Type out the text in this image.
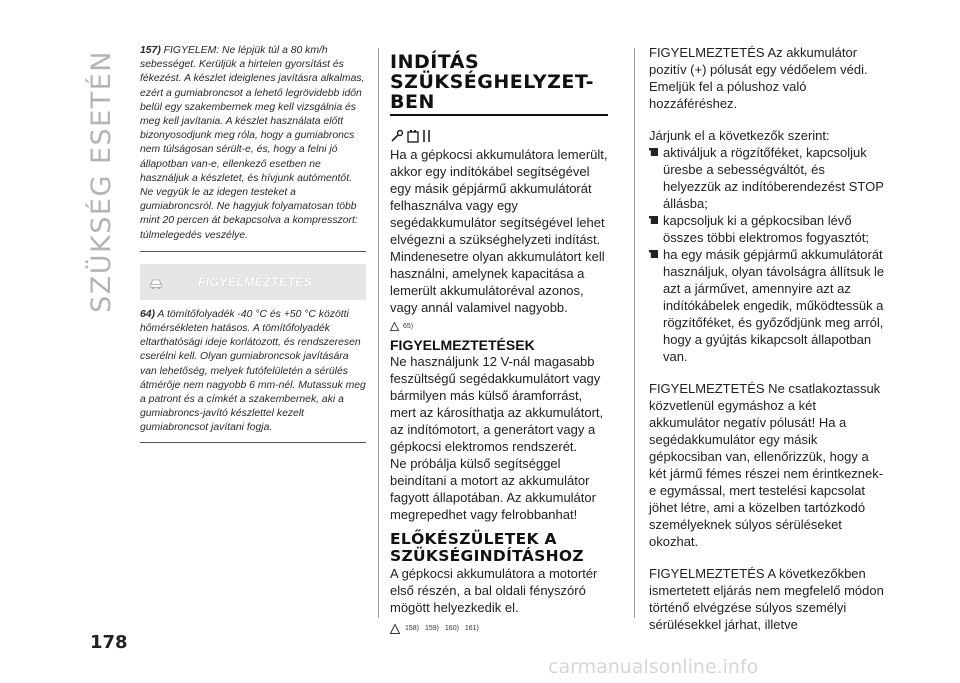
SZÜKSÉG ESETÉN 157) FIGYELEM: Ne lépjük túl a 80 km/h sebességet. Kerüljük a hirtelen gyorsítást és fékezést. A készlet ideiglenes javításra alkalmas, ezért a gumiabroncsot a lehető legrövidebb időn belül egy szakembernek meg kell vizsgálnia és meg kell javítania. A készlet használata előtt bizonyosodjunk meg róla, hogy a gumiabroncs nem túlságosan sérült-e, és, hogy a felni jó állapotban van-e, ellenkező esetben ne használjuk a készletet, és hívjunk autómentőt. Ne vegyük le az idegen testeket a gumiabroncsról. Ne hagyjuk folyamatosan több mint 20 percen át bekapcsolva a kompresszort: túlmelegedés veszélye.
FIGYELMEZTETÉS
64) A tömítőfolyadék -40 °C és +50 °C közötti hőmérsékleten hatásos. A tömítőfolyadék eltarthatósági ideje korlátozott, és rendszeresen cserélni kell. Olyan gumiabroncsok javítására van lehetőség, melyek futófelületén a sérülés átmérője nem nagyobb 6 mm-nél. Mutassuk meg a patront és a címkét a szakembernek, aki a gumiabroncs-javító készlettel kezelt gumiabroncsot javítani fogja.
INDÍTÁS SZÜKSÉGHELYZET-BEN

Ha a gépkocsi akkumulátora lemerült, akkor egy indítókábel segítségével egy másik gépjármű akkumulátorát felhasználva vagy egy segédakkumulátor segítségével lehet elvégezni a szükséghelyzeti indítást. Mindenesetre olyan akkumulátort kell használni, amelynek kapacitása a lemerült akkumulátoréval azonos, vagy annál valamivel nagyobb.

65)
FIGYELMEZTETÉSEK

Ne használjunk 12 V-nál magasabb feszültségű segédakkumulátort vagy bármilyen más külső áramforrást, mert az károsíthatja az akkumulátort, az indítómotort, a generátort vagy a gépkocsi elektromos rendszerét.

Ne próbálja külső segítséggel beindítani a motort az akkumulátor fagyott állapotában. Az akkumulátor megrepedhet vagy felrobbanhat!

ELŐKÉSZÜLETEK A SZÜKSÉGINDÍTÁSHOZ

A gépkocsi akkumulátora a motortér első részén, a bal oldali fényszóró mögött helyezkedik el.

158) 159) 160) 161)

FIGYELMEZTETÉS Az akkumulátor pozitív (+) pólusát egy védőelem védi. Emeljük fel a pólushoz való hozzáféréshez.

Járjunk el a következők szerint:

aktiváljuk a rögzítőféket, kapcsoljuk üresbe a sebességváltót, és helyezzük az indítóberendezést STOP állásba;
kapcsoljuk ki a gépkocsiban lévő összes többi elektromos fogyasztót;
ha egy másik gépjármű akkumulátorát használjuk, olyan távolságra állítsuk le azt a járművet, amennyire azt az indítókábelek engedik, működtessük a rögzítőféket, és győződjünk meg arról, hogy a gyújtás kikapcsolt állapotban van.

FIGYELMEZTETÉS Ne csatlakoztassuk közvetlenül egymáshoz a két akkumulátor negatív pólusát! Ha a segédakkumulátor egy másik gépkocsiban van, ellenőrizzük, hogy a két jármű fémes részei nem érintkeznek-e egymással, mert testelési kapcsolat jöhet létre, ami a közelben tartózkodó személyeknek súlyos sérüléseket okozhat.

FIGYELMEZTETÉS A következőkben ismertetett eljárás nem megfelelő módon történő elvégzése súlyos személyi sérülésekkel járhat, illetve

178
carmanualsonline.info
